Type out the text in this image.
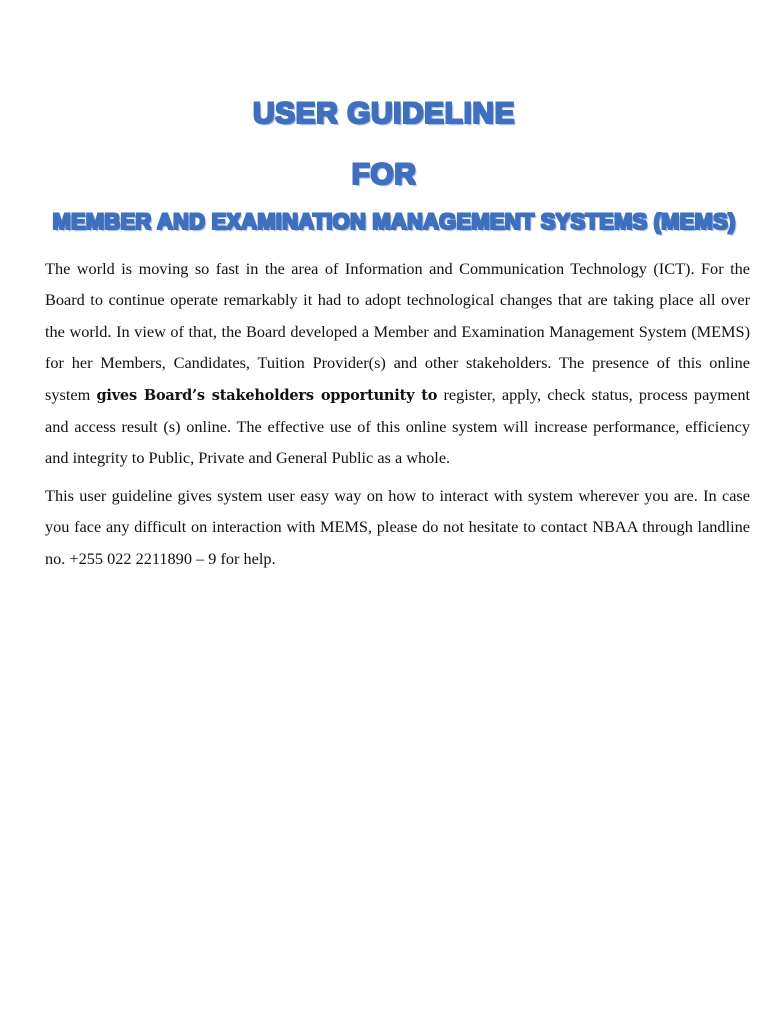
USER GUIDELINE
FOR
MEMBER AND EXAMINATION MANAGEMENT SYSTEMS (MEMS)

The world is moving so fast in the area of Information and Communication Technology (ICT). For the Board to continue operate remarkably it had to adopt technological changes that are taking place all over the world. In view of that, the Board developed a Member and Examination Management System (MEMS) for her Members, Candidates, Tuition Provider(s) and other stakeholders. The presence of this online system gives Board’s stakeholders opportunity to register, apply, check status, process payment and access result (s) online. The effective use of this online system will increase performance, efficiency and integrity to Public, Private and General Public as a whole.

This user guideline gives system user easy way on how to interact with system wherever you are. In case you face any difficult on interaction with MEMS, please do not hesitate to contact NBAA through landline no. +255 022 2211890 – 9 for help.
